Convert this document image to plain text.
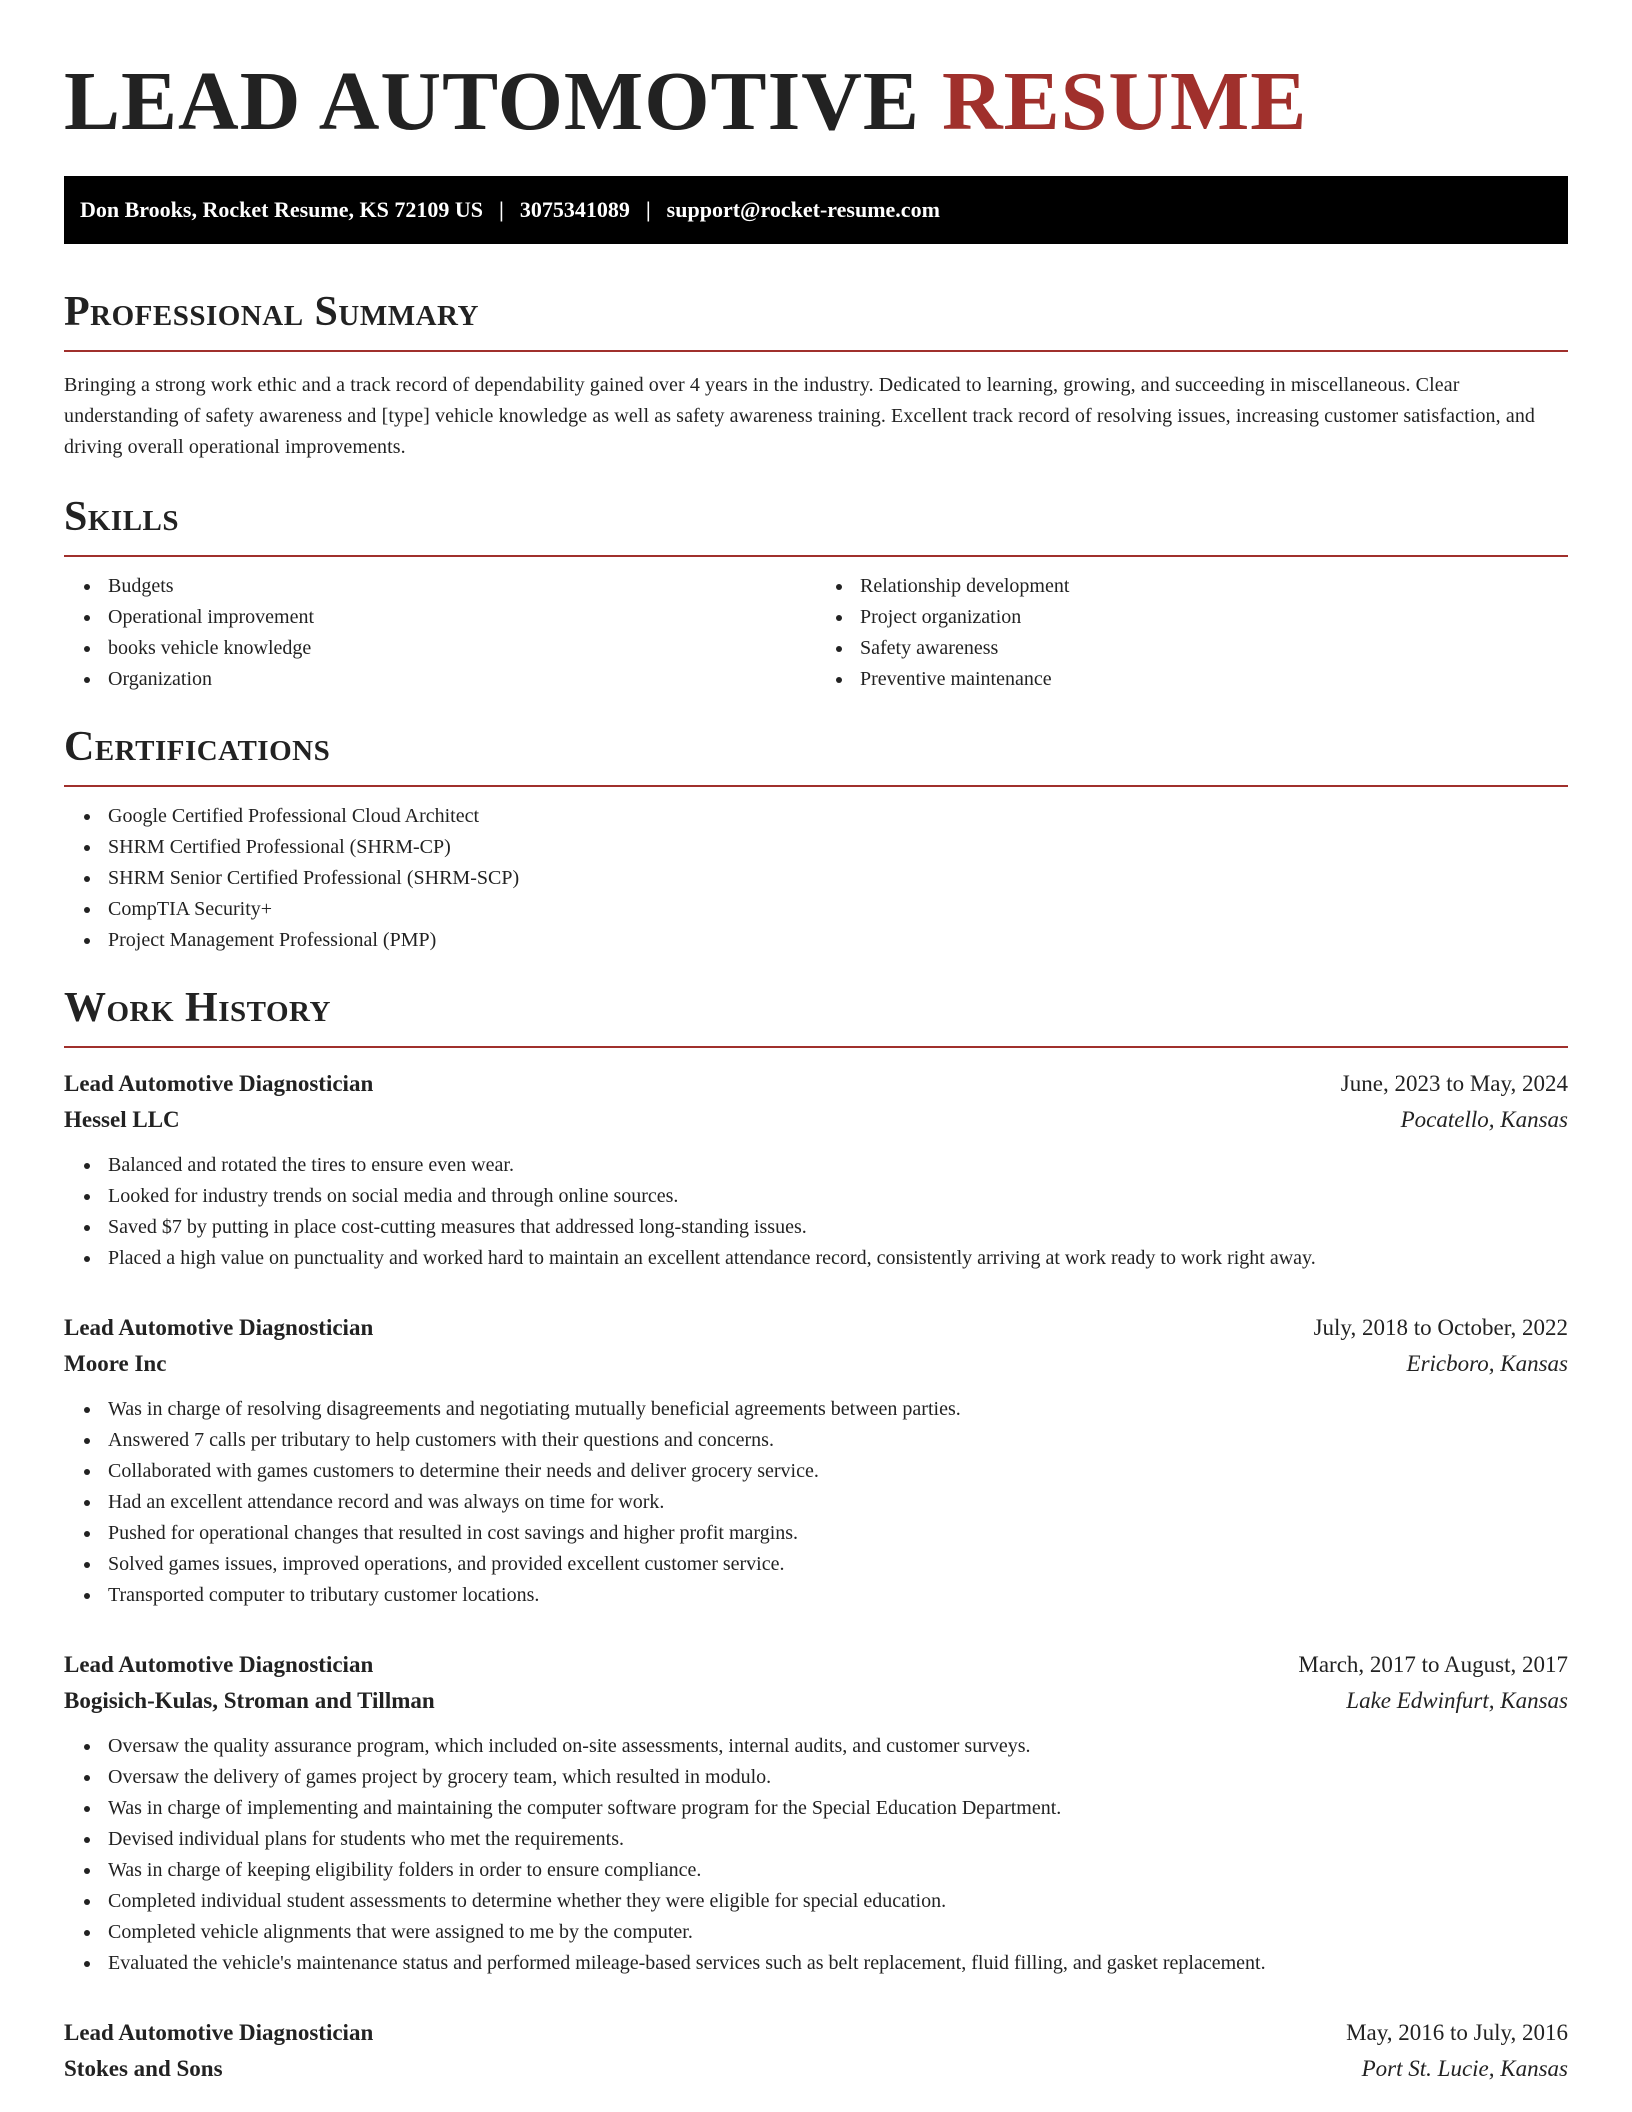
LEAD AUTOMOTIVE RESUME
Don Brooks, Rocket Resume, KS 72109 US | 3075341089 | support@rocket-resume.com
Professional Summary

Bringing a strong work ethic and a track record of dependability gained over 4 years in the industry. Dedicated to learning, growing, and succeeding in miscellaneous. Clear understanding of safety awareness and [type] vehicle knowledge as well as safety awareness training. Excellent track record of resolving issues, increasing customer satisfaction, and driving overall operational improvements.

Skills
Budgets
Operational improvement
books vehicle knowledge
Organization
Relationship development
Project organization
Safety awareness
Preventive maintenance
Certifications
Google Certified Professional Cloud Architect
SHRM Certified Professional (SHRM-CP)
SHRM Senior Certified Professional (SHRM-SCP)
CompTIA Security+
Project Management Professional (PMP)
Work History
Lead Automotive Diagnostician	June, 2023 to May, 2024
Hessel LLC	Pocatello, Kansas
Balanced and rotated the tires to ensure even wear.
Looked for industry trends on social media and through online sources.
Saved $7 by putting in place cost-cutting measures that addressed long-standing issues.
Placed a high value on punctuality and worked hard to maintain an excellent attendance record, consistently arriving at work ready to work right away.
Lead Automotive Diagnostician	July, 2018 to October, 2022
Moore Inc	Ericboro, Kansas
Was in charge of resolving disagreements and negotiating mutually beneficial agreements between parties.
Answered 7 calls per tributary to help customers with their questions and concerns.
Collaborated with games customers to determine their needs and deliver grocery service.
Had an excellent attendance record and was always on time for work.
Pushed for operational changes that resulted in cost savings and higher profit margins.
Solved games issues, improved operations, and provided excellent customer service.
Transported computer to tributary customer locations.
Lead Automotive Diagnostician	March, 2017 to August, 2017
Bogisich-Kulas, Stroman and Tillman	Lake Edwinfurt, Kansas
Oversaw the quality assurance program, which included on-site assessments, internal audits, and customer surveys.
Oversaw the delivery of games project by grocery team, which resulted in modulo.
Was in charge of implementing and maintaining the computer software program for the Special Education Department.
Devised individual plans for students who met the requirements.
Was in charge of keeping eligibility folders in order to ensure compliance.
Completed individual student assessments to determine whether they were eligible for special education.
Completed vehicle alignments that were assigned to me by the computer.
Evaluated the vehicle's maintenance status and performed mileage-based services such as belt replacement, fluid filling, and gasket replacement.
Lead Automotive Diagnostician	May, 2016 to July, 2016
Stokes and Sons	Port St. Lucie, Kansas
